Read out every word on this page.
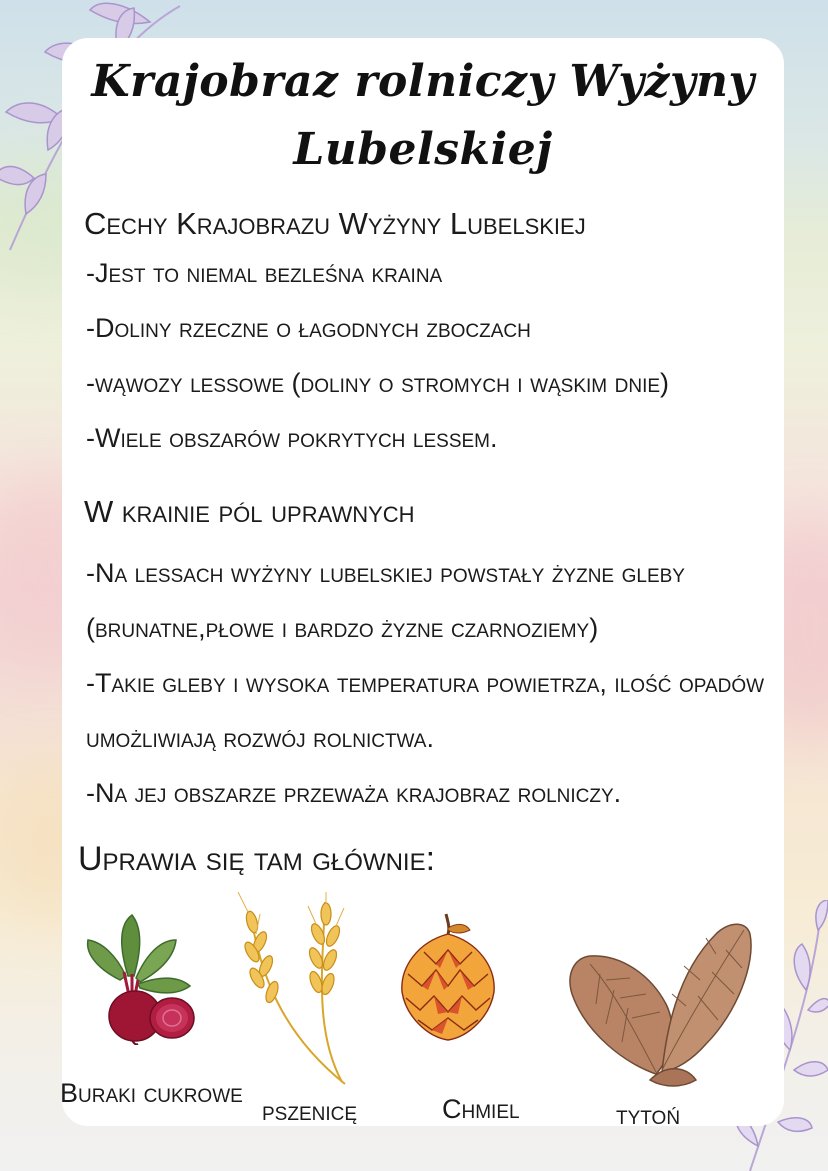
Krajobraz rolniczy Wyżyny Lubelskiej
Cechy Krajobrazu Wyżyny Lubelskiej
-Jest to niemal bezleśna kraina
-Doliny rzeczne o łagodnych zboczach
-wąwozy lessowe (doliny o stromych i wąskim dnie)
-Wiele obszarów pokrytych lessem.
W krainie pól uprawnych
-Na lessach wyżyny lubelskiej powstały żyzne gleby
(brunatne,płowe i bardzo żyzne czarnoziemy)
-Takie gleby i wysoka temperatura powietrza, ilość opadów
umożliwiają rozwój rolnictwa.
-Na jej obszarze przeważa krajobraz rolniczy.
Uprawia się tam głównie:
Buraki cukrowe
pszenicę	Chmiel	tytoń
